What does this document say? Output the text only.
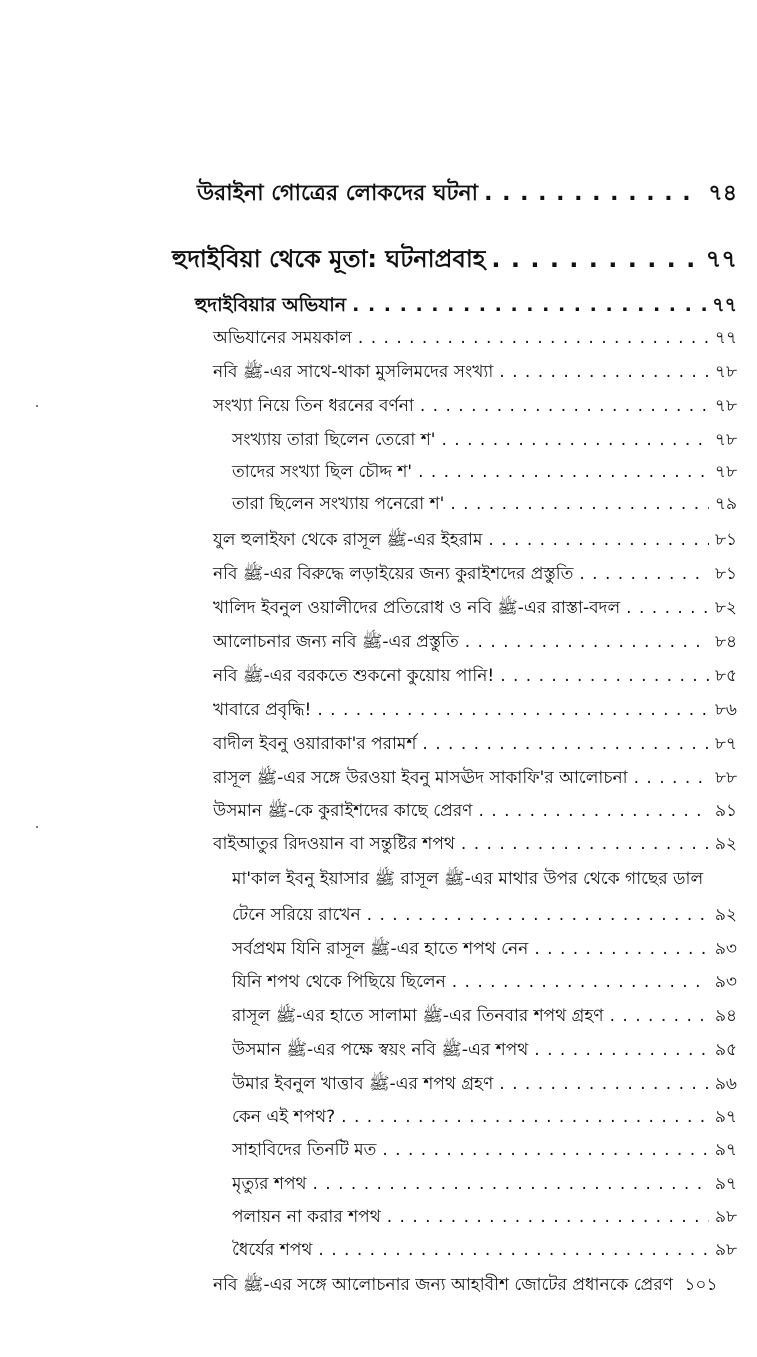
উরাইনা গোত্রের লোকদের ঘটনা . . .	৭৪
হুদাইবিয়া থেকে মূতা: ঘটনাপ্রবাহ . . .	৭৭
হুদাইবিয়ার অভিযান . . .	৭৭
অভিযানের সময়কাল . . .	৭৭
নবি ﷺ-এর সাথে-থাকা মুসলিমদের সংখ্যা . . .	৭৮
সংখ্যা নিয়ে তিন ধরনের বর্ণনা . . .	৭৮
সংখ্যায় তারা ছিলেন তেরো শ' . . .	৭৮
তাদের সংখ্যা ছিল চৌদ্দ শ' . . .	৭৮
তারা ছিলেন সংখ্যায় পনেরো শ' . . .	৭৯
যুল হুলাইফা থেকে রাসূল ﷺ-এর ইহরাম . . .	৮১
নবি ﷺ-এর বিরুদ্ধে লড়াইয়ের জন্য কুরাইশদের প্রস্তুতি . . .	৮১
খালিদ ইবনুল ওয়ালীদের প্রতিরোধ ও নবি ﷺ-এর রাস্তা-বদল . . .	৮২
আলোচনার জন্য নবি ﷺ-এর প্রস্তুতি . . .	৮৪
নবি ﷺ-এর বরকতে শুকনো কুয়োয় পানি! . . .	৮৫
খাবারে প্রবৃদ্ধি! . . .	৮৬
বাদীল ইবনু ওয়ারাকা'র পরামর্শ . . .	৮৭
রাসূল ﷺ-এর সঙ্গে উরওয়া ইবনু মাসঊদ সাকাফি'র আলোচনা . . .	৮৮
উসমান ﷺ-কে কুরাইশদের কাছে প্রেরণ . . .	৯১
বাইআতুর রিদওয়ান বা সন্তুষ্টির শপথ . . .	৯২
মা'কাল ইবনু ইয়াসার ﷺ রাসূল ﷺ-এর মাথার উপর থেকে গাছের ডাল
টেনে সরিয়ে রাখেন . . .	৯২
সর্বপ্রথম যিনি রাসূল ﷺ-এর হাতে শপথ নেন . . .	৯৩
যিনি শপথ থেকে পিছিয়ে ছিলেন . . .	৯৩
রাসূল ﷺ-এর হাতে সালামা ﷺ-এর তিনবার শপথ গ্রহণ . . .	৯৪
উসমান ﷺ-এর পক্ষে স্বয়ং নবি ﷺ-এর শপথ . . .	৯৫
উমার ইবনুল খাত্তাব ﷺ-এর শপথ গ্রহণ . . .	৯৬
কেন এই শপথ? . . .	৯৭
সাহাবিদের তিনটি মত . . .	৯৭
মৃত্যুর শপথ . . .	৯৭
পলায়ন না করার শপথ . . .	৯৮
ধৈর্যের শপথ . . .	৯৮
নবি ﷺ-এর সঙ্গে আলোচনার জন্য আহাবীশ জোটের প্রধানকে প্রেরণ ১০১
